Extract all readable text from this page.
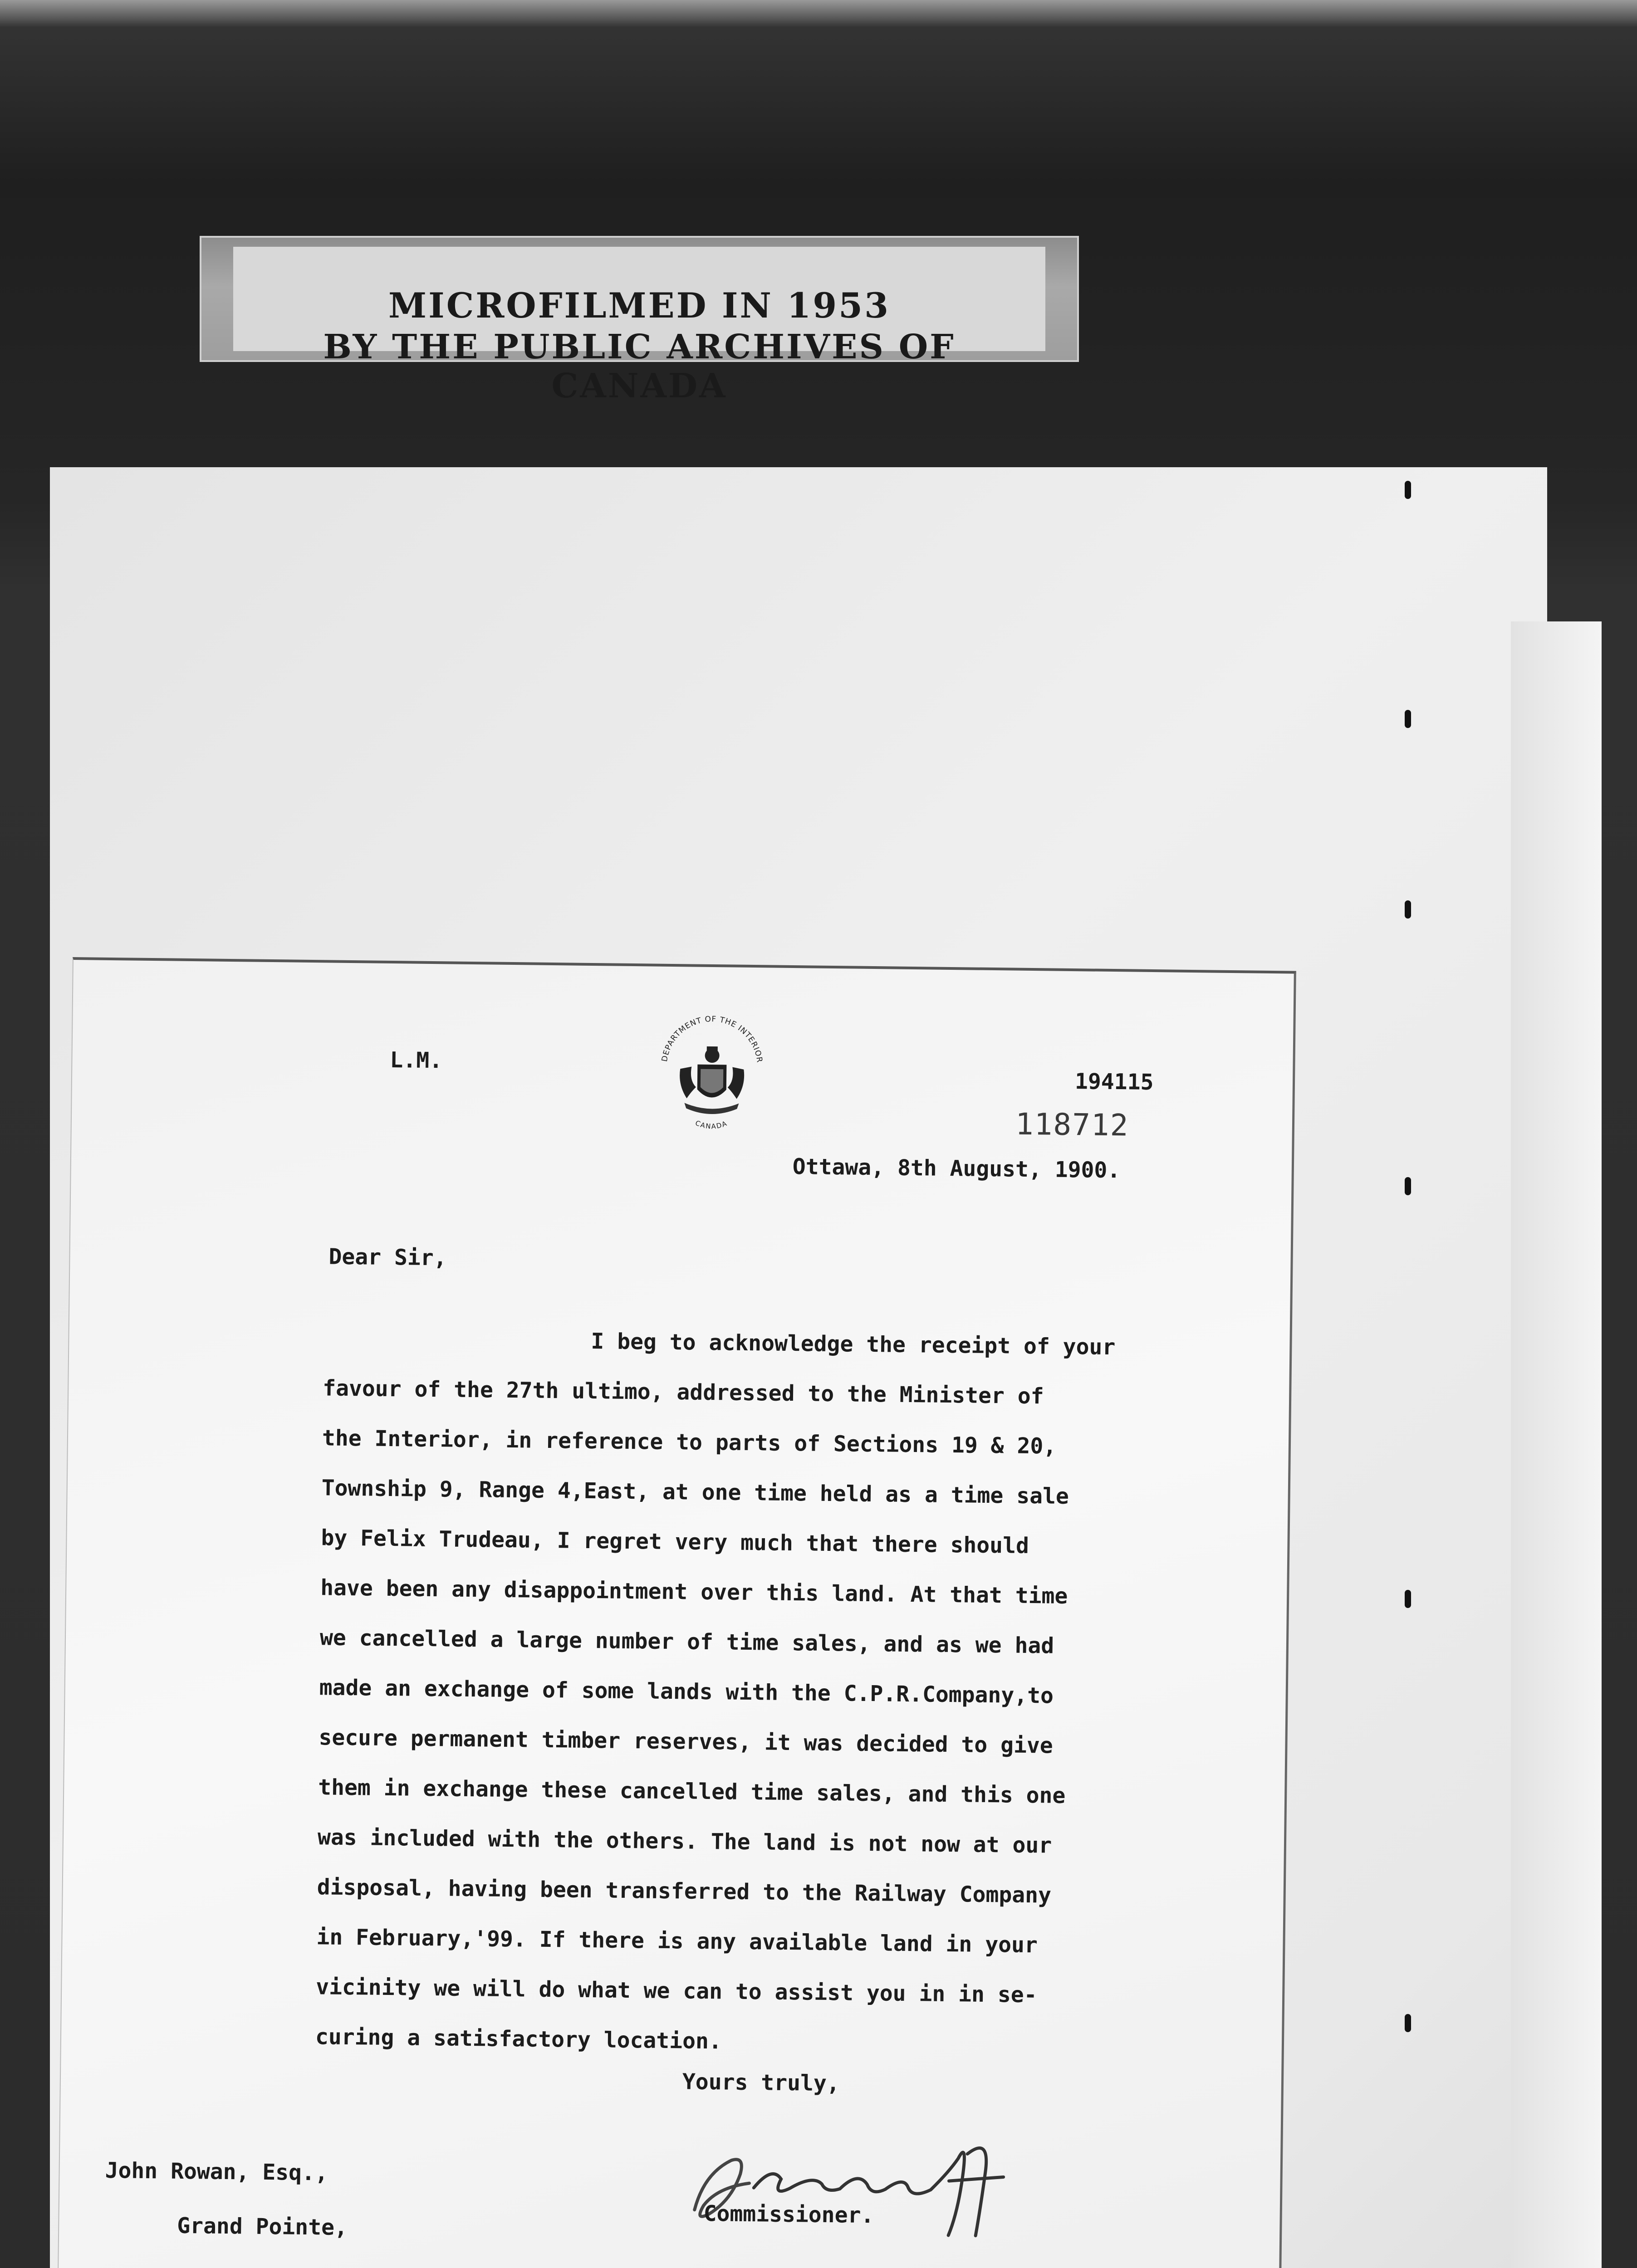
MICROFILMED IN 1953
BY THE PUBLIC ARCHIVES OF CANADA
L.M.	DEPARTMENT OF THE INTERIOR
CANADA
194115
118712
Ottawa, 8th August, 1900.
Dear Sir,
I beg to acknowledge the receipt of your
favour of the 27th ultimo, addressed to the Minister of
the Interior, in reference to parts of Sections 19 & 20,
Township 9, Range 4,East, at one time held as a time sale
by Felix Trudeau, I regret very much that there should
have been any disappointment over this land. At that time
we cancelled a large number of time sales, and as we had
made an exchange of some lands with the C.P.R.Company,to
secure permanent timber reserves, it was decided to give
them in exchange these cancelled time sales, and this one
was included with the others. The land is not now at our
disposal, having been transferred to the Railway Company
in February,'99. If there is any available land in your
vicinity we will do what we can to assist you in in se-
curing a satisfactory location.
Yours truly,
Commissioner.
John Rowan, Esq.,
Grand Pointe,
